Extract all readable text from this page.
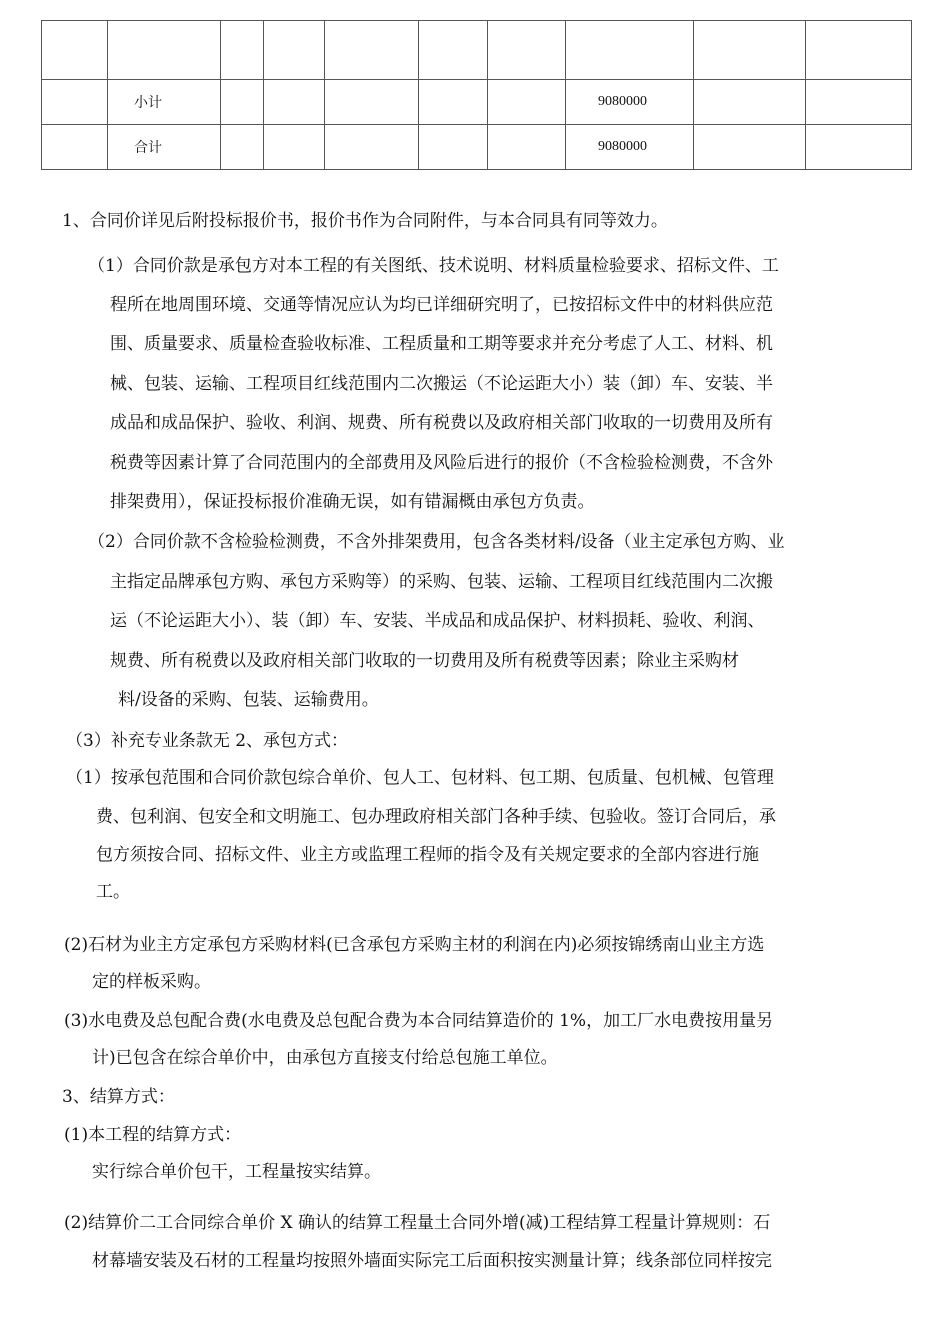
	小计						9080000		
	合计						9080000		

1、合同价详见后附投标报价书，报价书作为合同附件，与本合同具有同等效力。

（1）合同价款是承包方对本工程的有关图纸、技术说明、材料质量检验要求、招标文件、工

程所在地周围环境、交通等情况应认为均已详细研究明了，已按招标文件中的材料供应范

围、质量要求、质量检查验收标准、工程质量和工期等要求并充分考虑了人工、材料、机

械、包装、运输、工程项目红线范围内二次搬运（不论运距大小）装（卸）车、安装、半

成品和成品保护、验收、利润、规费、所有税费以及政府相关部门收取的一切费用及所有

税费等因素计算了合同范围内的全部费用及风险后进行的报价（不含检验检测费，不含外

排架费用），保证投标报价准确无误，如有错漏概由承包方负责。

（2）合同价款不含检验检测费，不含外排架费用，包含各类材料/设备（业主定承包方购、业

主指定品牌承包方购、承包方采购等）的采购、包装、运输、工程项目红线范围内二次搬

运（不论运距大小）、装（卸）车、安装、半成品和成品保护、材料损耗、验收、利润、

规费、所有税费以及政府相关部门收取的一切费用及所有税费等因素；除业主采购材

料/设备的采购、包装、运输费用。

（3）补充专业条款无 2、承包方式：

（1）按承包范围和合同价款包综合单价、包人工、包材料、包工期、包质量、包机械、包管理

费、包利润、包安全和文明施工、包办理政府相关部门各种手续、包验收。签订合同后，承

包方须按合同、招标文件、业主方或监理工程师的指令及有关规定要求的全部内容进行施

工。

(2)石材为业主方定承包方采购材料(已含承包方采购主材的利润在内)必须按锦绣南山业主方选

定的样板采购。

(3)水电费及总包配合费(水电费及总包配合费为本合同结算造价的 1%，加工厂水电费按用量另

计)已包含在综合单价中，由承包方直接支付给总包施工单位。

3、结算方式：

(1)本工程的结算方式：

实行综合单价包干，工程量按实结算。

(2)结算价二工合同综合单价 X 确认的结算工程量土合同外增(减)工程结算工程量计算规则：石

材幕墙安装及石材的工程量均按照外墙面实际完工后面积按实测量计算；线条部位同样按完
